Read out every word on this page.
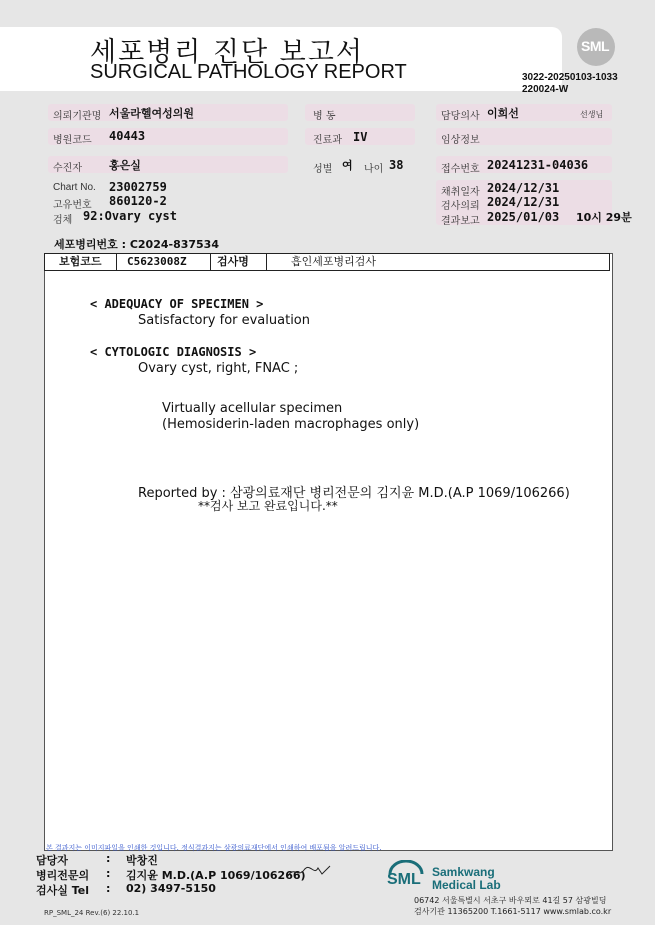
세포병리 진단 보고서
SURGICAL PATHOLOGY REPORT
SML
3022-20250103-1033
220024-W
의뢰기관명 서울라헬여성의원	병 동	담당의사 이희선	선생님
병원코드 40443	진료과 IV	임상정보
수진자 홍은실	성별 여 나이 38	접수번호 20241231-04036
Chart No. 23002759
고유번호 860120-2
검체 92:Ovary cyst
채취일자 2024/12/31
검사의뢰 2024/12/31
결과보고 2025/01/03 10시 29분
세포병리번호 : C2024-837534
보험코드	C5623008Z	검사명	흡인세포병리검사
< ADEQUACY OF SPECIMEN >
Satisfactory for evaluation
< CYTOLOGIC DIAGNOSIS >
Ovary cyst, right, FNAC ;
Virtually acellular specimen
(Hemosiderin-laden macrophages only)
Reported by : 삼광의료재단 병리전문의 김지윤 M.D.(A.P 1069/106266)
**검사 보고 완료입니다.**
본 결과지는 이미지파일을 인쇄한 것입니다. 정식결과지는 삼광의료재단에서 인쇄하여 배포됨을 알려드립니다.
담당자	: 박창진
병리전문의 : 김지윤 M.D.(A.P 1069/106266)
검사실 Tel : 02) 3497-5150
RP_SML_24 Rev.(6) 22.10.1
SML Samkwang
Medical Lab
06742 서울특별시 서초구 바우뫼로 41길 57 삼광빌딩
검사기관 11365200 T.1661-5117 www.smlab.co.kr
